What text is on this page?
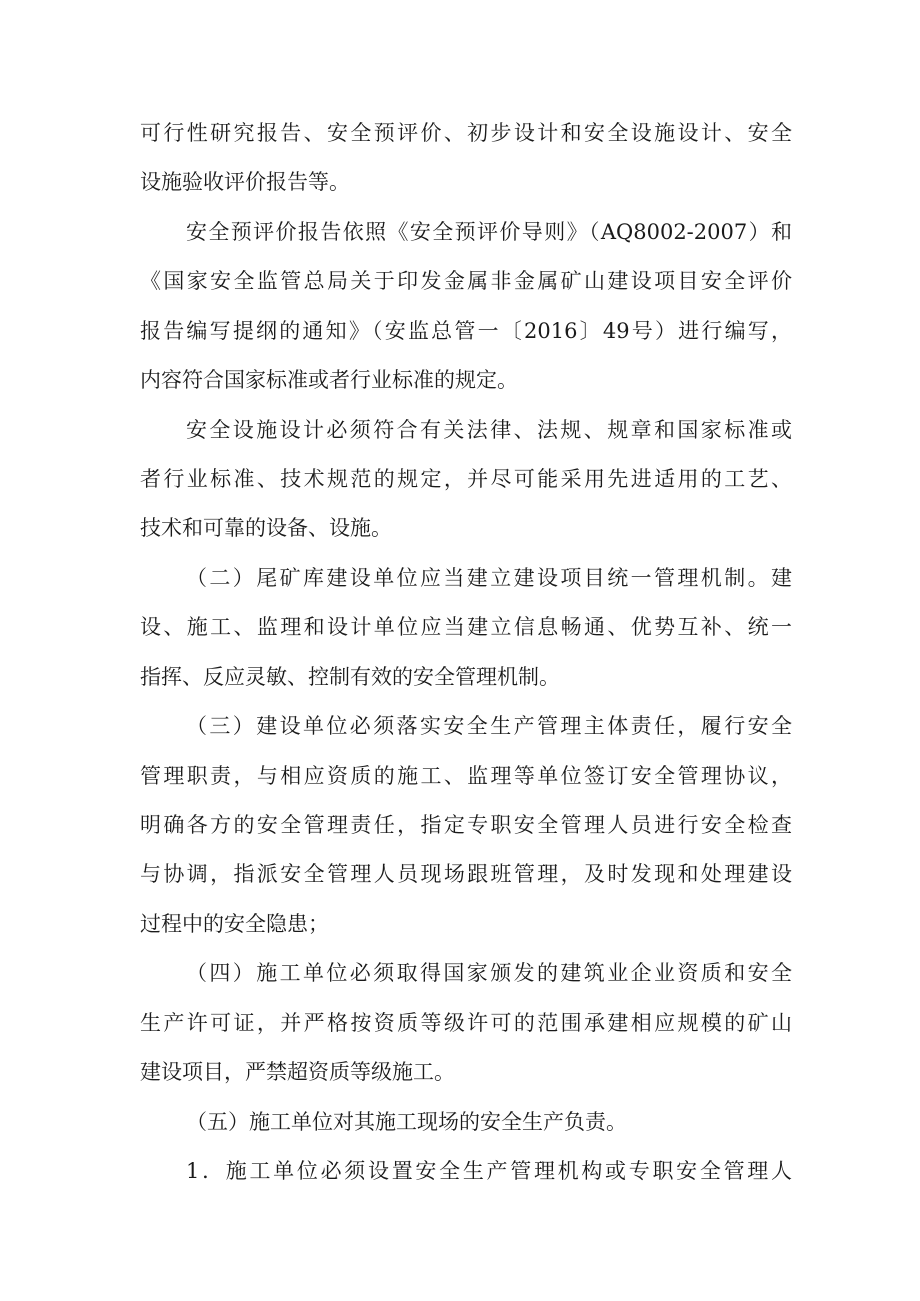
可行性研究报告、安全预评价、初步设计和安全设施设计、安全
设施验收评价报告等。
安全预评价报告依照《安全预评价导则》（AQ8002-2007）和
《国家安全监管总局关于印发金属非金属矿山建设项目安全评价
报告编写提纲的通知》（安监总管一〔2016〕49号）进行编写，
内容符合国家标准或者行业标准的规定。
安全设施设计必须符合有关法律、法规、规章和国家标准或
者行业标准、技术规范的规定，并尽可能采用先进适用的工艺、
技术和可靠的设备、设施。
（二）尾矿库建设单位应当建立建设项目统一管理机制。建
设、施工、监理和设计单位应当建立信息畅通、优势互补、统一
指挥、反应灵敏、控制有效的安全管理机制。
（三）建设单位必须落实安全生产管理主体责任，履行安全
管理职责，与相应资质的施工、监理等单位签订安全管理协议，
明确各方的安全管理责任，指定专职安全管理人员进行安全检查
与协调，指派安全管理人员现场跟班管理，及时发现和处理建设
过程中的安全隐患；
（四）施工单位必须取得国家颁发的建筑业企业资质和安全
生产许可证，并严格按资质等级许可的范围承建相应规模的矿山
建设项目，严禁超资质等级施工。
（五）施工单位对其施工现场的安全生产负责。
1．施工单位必须设置安全生产管理机构或专职安全管理人
